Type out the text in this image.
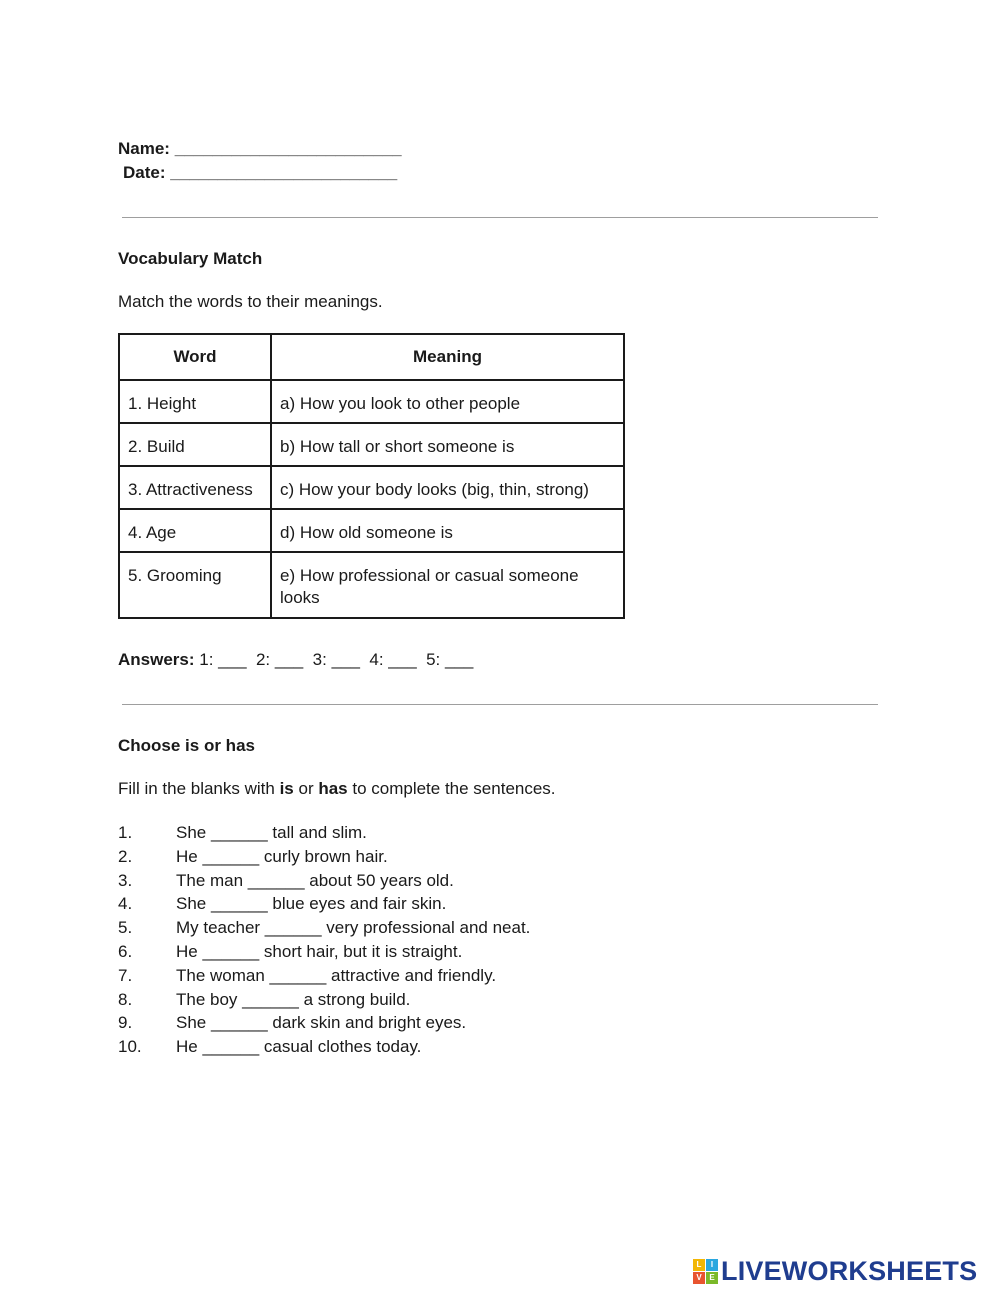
Name: ________________________
Date: ________________________
Vocabulary Match
Match the words to their meanings.
Word	Meaning
1. Height	a) How you look to other people
2. Build	b) How tall or short someone is
3. Attractiveness	c) How your body looks (big, thin, strong)
4. Age	d) How old someone is
5. Grooming	e) How professional or casual someone looks
Answers: 1: ___  2: ___  3: ___  4: ___  5: ___
Choose is or has
Fill in the blanks with is or has to complete the sentences.
1.	She ______ tall and slim.
2.	He ______ curly brown hair.
3.	The man ______ about 50 years old.
4.	She ______ blue eyes and fair skin.
5.	My teacher ______ very professional and neat.
6.	He ______ short hair, but it is straight.
7.	The woman ______ attractive and friendly.
8.	The boy ______ a strong build.
9.	She ______ dark skin and bright eyes.
10. He ______ casual clothes today.
L	I
V E LIVEWORKSHEETS
